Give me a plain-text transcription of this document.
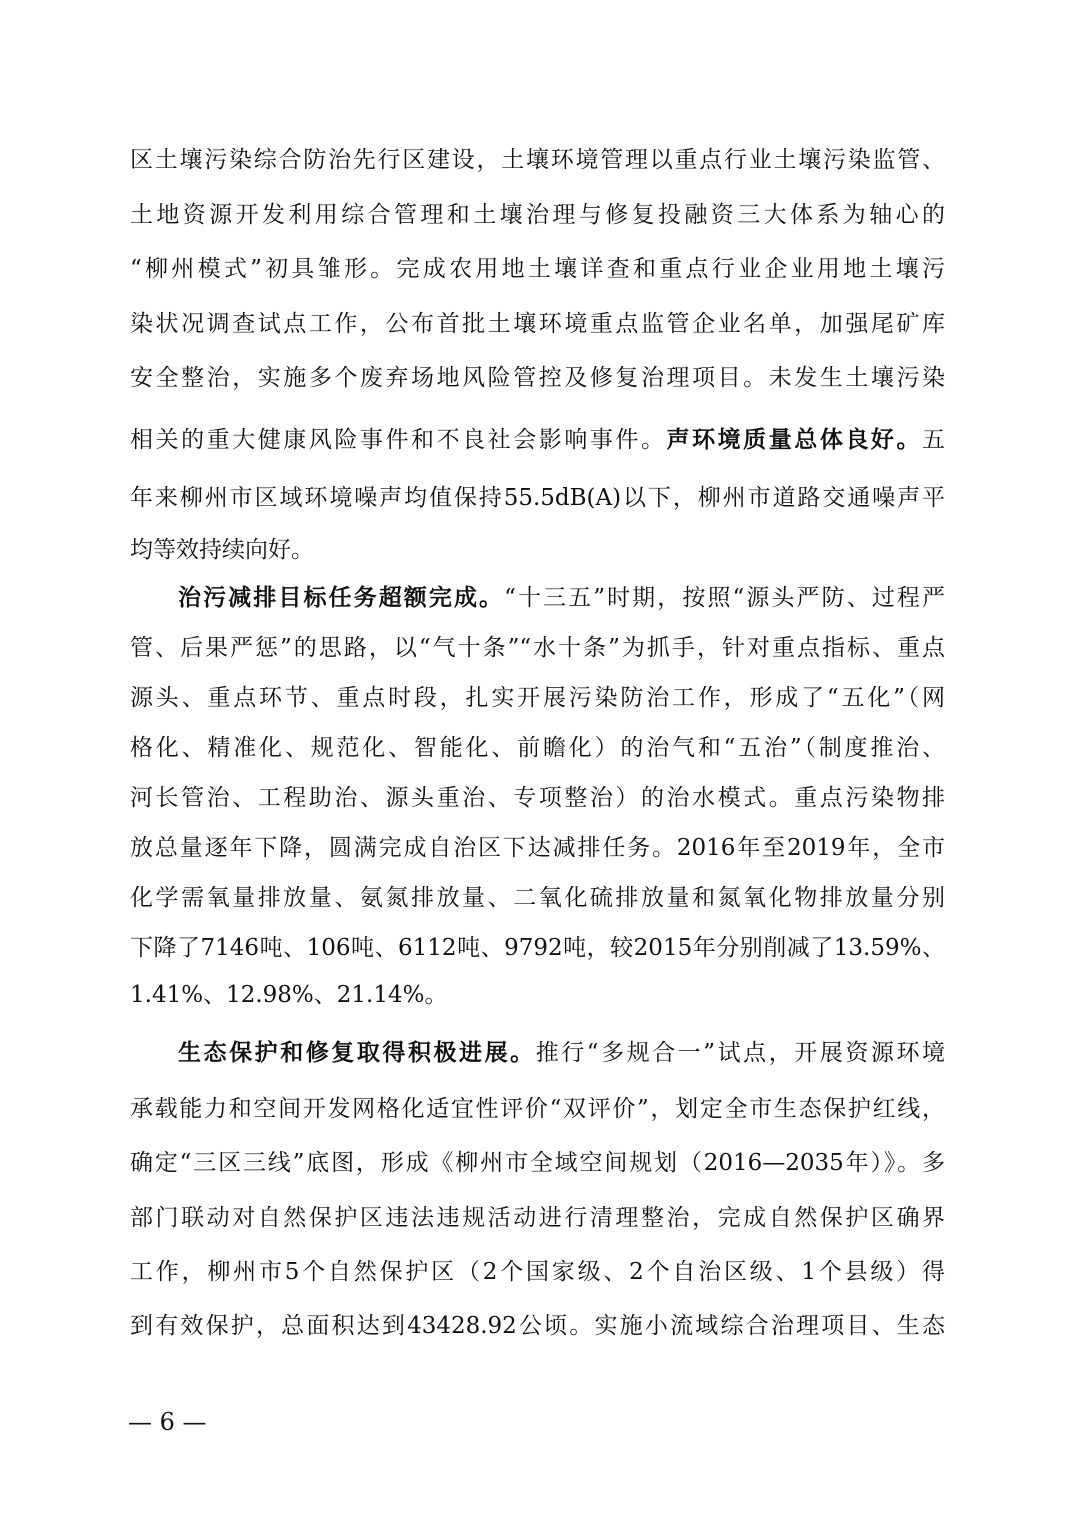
区土壤污染综合防治先行区建设，土壤环境管理以重点行业土壤污染监管、
土地资源开发利用综合管理和土壤治理与修复投融资三大体系为轴心的
“柳州模式”初具雏形。完成农用地土壤详查和重点行业企业用地土壤污
染状况调查试点工作，公布首批土壤环境重点监管企业名单，加强尾矿库
安全整治，实施多个废弃场地风险管控及修复治理项目。未发生土壤污染
相关的重大健康风险事件和不良社会影响事件。声环境质量总体良好。五
年来柳州市区域环境噪声均值保持55.5dB(A)以下，柳州市道路交通噪声平
均等效持续向好。
治污减排目标任务超额完成。“十三五”时期，按照“源头严防、过程严
管、后果严惩”的思路，以“气十条”“水十条”为抓手，针对重点指标、重点
源头、重点环节、重点时段，扎实开展污染防治工作，形成了“五化”（网
格化、精准化、规范化、智能化、前瞻化）的治气和“五治”（制度推治、
河长管治、工程助治、源头重治、专项整治）的治水模式。重点污染物排
放总量逐年下降，圆满完成自治区下达减排任务。2016年至2019年，全市
化学需氧量排放量、氨氮排放量、二氧化硫排放量和氮氧化物排放量分别
下降了7146吨、106吨、6112吨、9792吨，较2015年分别削减了13.59%、
1.41%、12.98%、21.14%。
生态保护和修复取得积极进展。推行“多规合一”试点，开展资源环境
承载能力和空间开发网格化适宜性评价“双评价”，划定全市生态保护红线，
确定“三区三线”底图，形成《柳州市全域空间规划（2016—2035年）》。多
部门联动对自然保护区违法违规活动进行清理整治，完成自然保护区确界
工作，柳州市5个自然保护区（2个国家级、2个自治区级、1个县级）得
到有效保护，总面积达到43428.92公顷。实施小流域综合治理项目、生态
— 6 —
